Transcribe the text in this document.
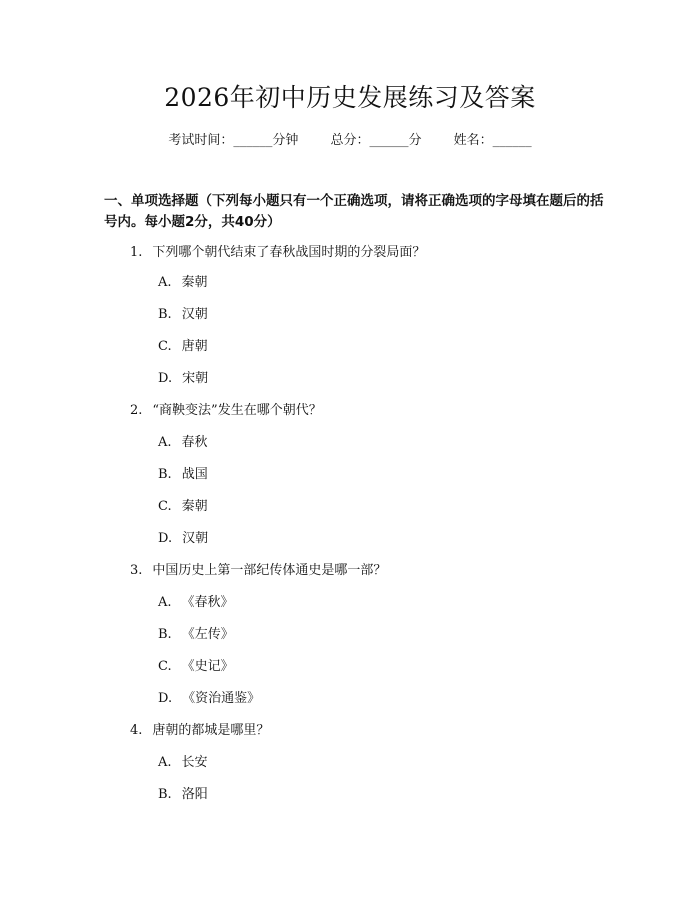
2026年初中历史发展练习及答案
考试时间：______分钟 总分：______分 姓名：______
一、单项选择题（下列每小题只有一个正确选项，请将正确选项的字母填在题后的括号内。每小题2分，共40分）
1. 下列哪个朝代结束了春秋战国时期的分裂局面？
A. 秦朝
B. 汉朝
C. 唐朝
D. 宋朝
2. “商鞅变法”发生在哪个朝代？
A. 春秋
B. 战国
C. 秦朝
D. 汉朝
3. 中国历史上第一部纪传体通史是哪一部？
A. 《春秋》
B. 《左传》
C. 《史记》
D. 《资治通鉴》
4. 唐朝的都城是哪里？
A. 长安
B. 洛阳
